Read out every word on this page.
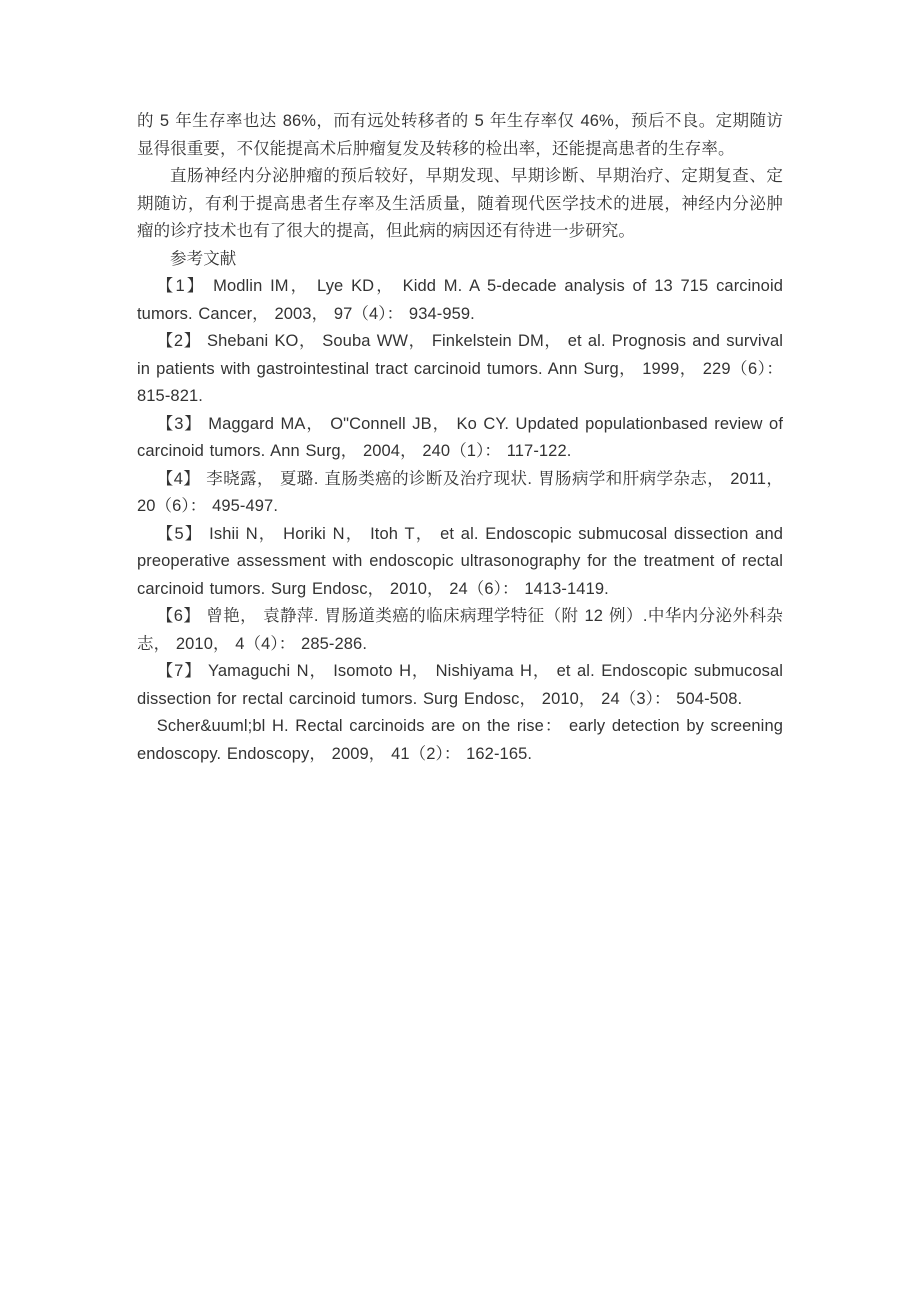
的 5 年生存率也达 86%，而有远处转移者的 5 年生存率仅 46%，预后不良。定期随访显得很重要，不仅能提高术后肿瘤复发及转移的检出率，还能提高患者的生存率。

直肠神经内分泌肿瘤的预后较好，早期发现、早期诊断、早期治疗、定期复查、定期随访，有利于提高患者生存率及生活质量，随着现代医学技术的进展，神经内分泌肿瘤的诊疗技术也有了很大的提高，但此病的病因还有待进一步研究。

参考文献

【1】 Modlin IM， Lye KD， Kidd M. A 5-decade analysis of 13 715 carcinoid tumors. Cancer， 2003， 97（4）： 934-959.

【2】 Shebani KO， Souba WW， Finkelstein DM， et al. Prognosis and survival in patients with gastrointestinal tract carcinoid tumors. Ann Surg， 1999， 229（6）： 815-821.

【3】 Maggard MA， O"Connell JB， Ko CY. Updated populationbased review of carcinoid tumors. Ann Surg， 2004， 240（1）： 117-122.

【4】 李晓露， 夏璐. 直肠类癌的诊断及治疗现状. 胃肠病学和肝病学杂志， 2011，20（6）： 495-497.

【5】 Ishii N， Horiki N， Itoh T， et al. Endoscopic submucosal dissection and preoperative assessment with endoscopic ultrasonography for the treatment of rectal carcinoid tumors. Surg Endosc， 2010， 24（6）： 1413-1419.

【6】 曾艳， 袁静萍. 胃肠道类癌的临床病理学特征（附 12 例）.中华内分泌外科杂志， 2010， 4（4）： 285-286.

【7】 Yamaguchi N， Isomoto H， Nishiyama H， et al. Endoscopic submucosal dissection for rectal carcinoid tumors. Surg Endosc， 2010， 24（3）： 504-508.

Scher&uuml;bl H. Rectal carcinoids are on the rise： early detection by screening endoscopy. Endoscopy， 2009， 41（2）： 162-165.
